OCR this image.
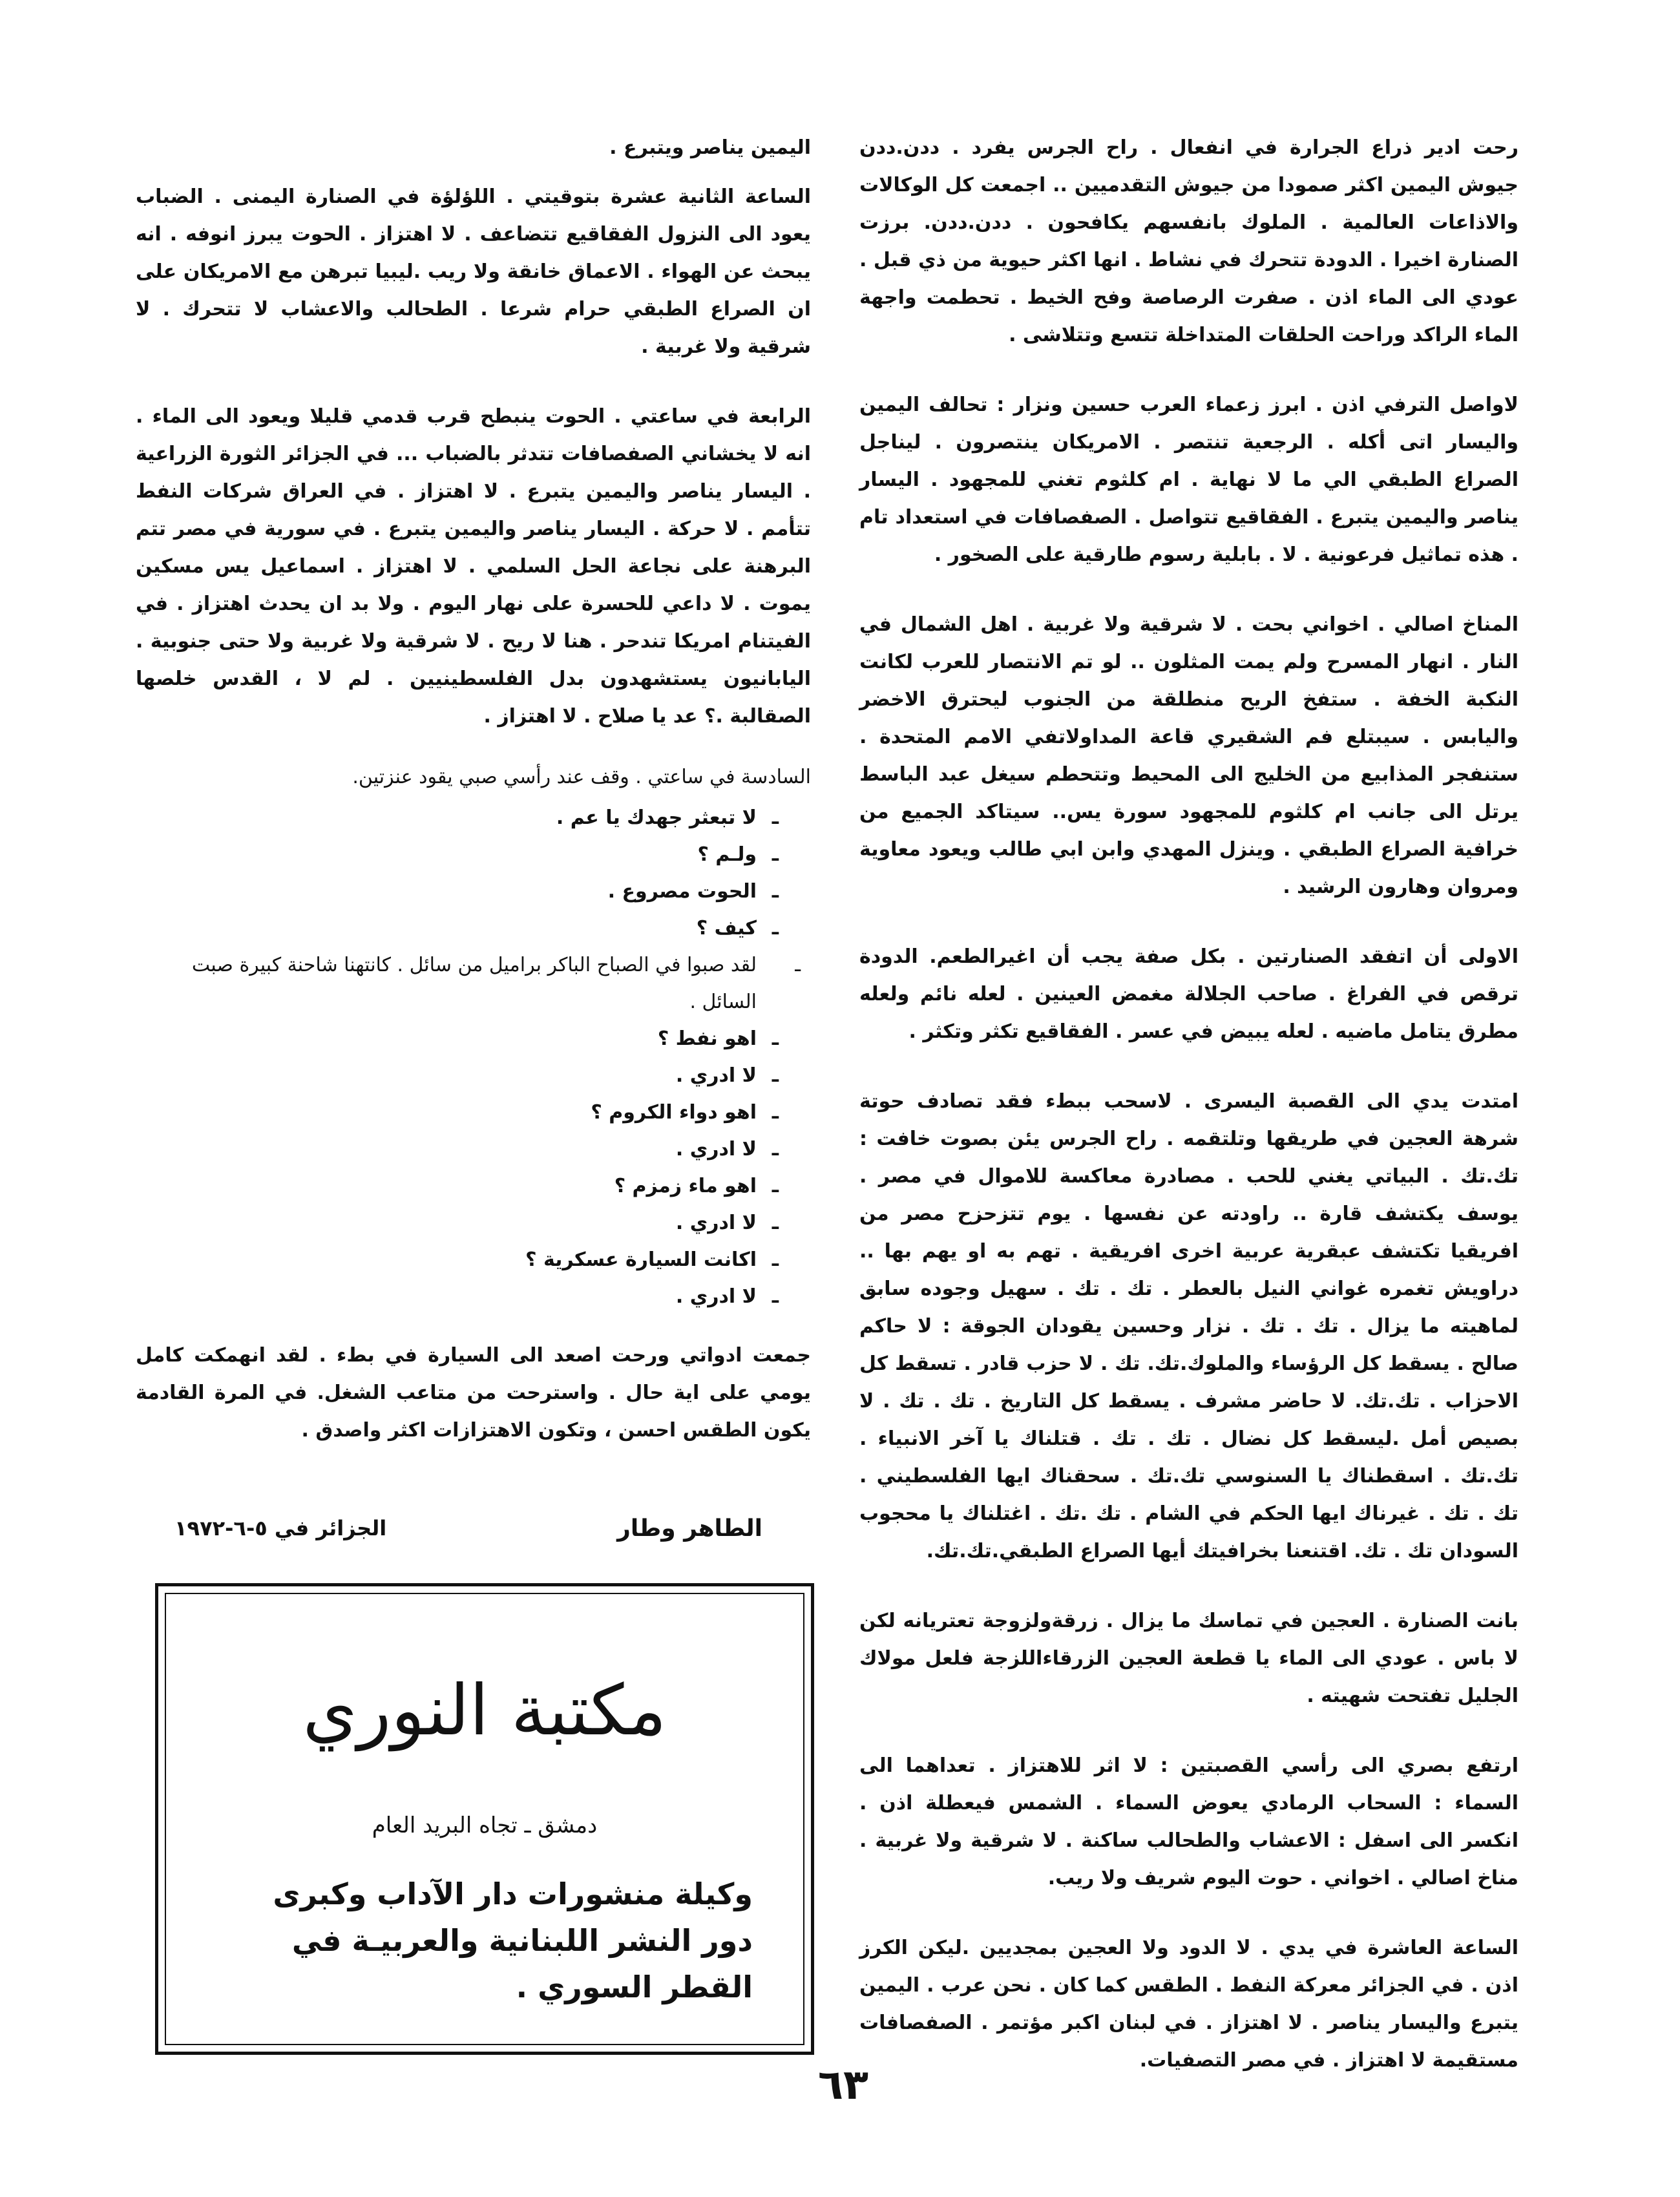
رحت ادير ذراع الجرارة في انفعال . راح الجرس يفرد . ددن.ددن جيوش اليمين اكثر صمودا من جيوش التقدميين .. اجمعت كل الوكالات والاذاعات العالمية . الملوك بانفسهم يكافحون . ددن.ددن. برزت الصنارة اخيرا . الدودة تتحرك في نشاط . انها اكثر حيوية من ذي قبل . عودي الى الماء اذن . صفرت الرصاصة وفح الخيط . تحطمت واجهة الماء الراكد وراحت الحلقات المتداخلة تتسع وتتلاشى .

لاواصل الترفي اذن . ابرز زعماء العرب حسين ونزار : تحالف اليمين واليسار اتى أكله . الرجعية تنتصر . الامريكان ينتصرون . ليناجل الصراع الطبقي الي ما لا نهاية . ام كلثوم تغني للمجهود . اليسار يناصر واليمين يتبرع . الفقاقيع تتواصل . الصفصافات في استعداد تام . هذه تماثيل فرعونية . لا . بابلية رسوم طارقية على الصخور .

المناخ اصالي . اخواني بحت . لا شرقية ولا غربية . اهل الشمال في النار . انهار المسرح ولم يمت المثلون .. لو تم الانتصار للعرب لكانت النكبة الخفة . ستفخ الريح منطلقة من الجنوب ليحترق الاخضر واليابس . سيبتلع فم الشقيري قاعة المداولاتفي الامم المتحدة . ستنفجر المذابيع من الخليج الى المحيط وتتحطم سيغل عبد الباسط يرتل الى جانب ام كلثوم للمجهود سورة يس.. سيتاكد الجميع من خرافية الصراع الطبقي . وينزل المهدي وابن ابي طالب ويعود معاوية ومروان وهارون الرشيد .

الاولى أن اتفقد الصنارتين . بكل صفة يجب أن اغيرالطعم. الدودة ترقص في الفراغ . صاحب الجلالة مغمض العينين . لعله نائم ولعله مطرق يتامل ماضيه . لعله يبيض في عسر . الفقاقيع تكثر وتكثر .

امتدت يدي الى القصبة اليسرى . لاسحب ببطء فقد تصادف حوتة شرهة العجين في طريقها وتلتقمه . راح الجرس يئن بصوت خافت : تك.تك . البياتي يغني للحب . مصادرة معاكسة للاموال في مصر . يوسف يكتشف قارة .. راودته عن نفسها . يوم تتزحزح مصر من افريقيا تكتشف عبقرية عربية اخرى افريقية . تهم به او يهم بها .. دراويش تغمره غواني النيل بالعطر . تك . تك . سهيل وجوده سابق لماهيته ما يزال . تك . تك . نزار وحسين يقودان الجوقة : لا حاكم صالح . يسقط كل الرؤساء والملوك.تك. تك . لا حزب قادر . تسقط كل الاحزاب . تك.تك. لا حاضر مشرف . يسقط كل التاريخ . تك . تك . لا بصيص أمل .ليسقط كل نضال . تك . تك . قتلناك يا آخر الانبياء . تك.تك . اسقطناك يا السنوسي تك.تك . سحقناك ايها الفلسطيني . تك . تك . غيرناك ايها الحكم في الشام . تك .تك . اغتلناك يا محجوب السودان تك . تك. اقتنعنا بخرافيتك أيها الصراع الطبقي.تك.تك.

بانت الصنارة . العجين في تماسك ما يزال . زرقةولزوجة تعتريانه لكن لا باس . عودي الى الماء يا قطعة العجين الزرقاءاللزجة فلعل مولاك الجليل تفتحت شهيته .

ارتفع بصري الى رأسي القصبتين : لا اثر للاهتزاز . تعداهما الى السماء : السحاب الرمادي يعوض السماء . الشمس فيعطلة اذن . انكسر الى اسفل : الاعشاب والطحالب ساكنة . لا شرقية ولا غربية . مناخ اصالي . اخواني . حوت اليوم شريف ولا ريب.

الساعة العاشرة في يدي . لا الدود ولا العجين بمجديين .ليكن الكرز اذن . في الجزائر معركة النفط . الطقس كما كان . نحن عرب . اليمين يتبرع واليسار يناصر . لا اهتزاز . في لبنان اكبر مؤتمر . الصفصافات مستقيمة لا اهتزاز . في مصر التصفيات.

اليمين يناصر ويتبرع .

الساعة الثانية عشرة بتوقيتي . اللؤلؤة في الصنارة اليمنى . الضباب يعود الى النزول الفقاقيع تتضاعف . لا اهتزاز . الحوت يبرز انوفه . انه يبحث عن الهواء . الاعماق خانقة ولا ريب .ليبيا تبرهن مع الامريكان على ان الصراع الطبقي حرام شرعا . الطحالب والاعشاب لا تتحرك . لا شرقية ولا غربية .

الرابعة في ساعتي . الحوت ينبطح قرب قدمي قليلا ويعود الى الماء . انه لا يخشاني الصفصافات تتدثر بالضباب ... في الجزائر الثورة الزراعية . اليسار يناصر واليمين يتبرع . لا اهتزاز . في العراق شركات النفط تتأمم . لا حركة . اليسار يناصر واليمين يتبرع . في سورية في مصر تتم البرهنة على نجاعة الحل السلمي . لا اهتزاز . اسماعيل يس مسكين يموت . لا داعي للحسرة على نهار اليوم . ولا بد ان يحدث اهتزاز . في الفيتنام امريكا تندحر . هنا لا ريح . لا شرقية ولا غربية ولا حتى جنوبية . اليابانيون يستشهدون بدل الفلسطينيين . لم لا ، القدس خلصها الصقالبة .؟ عد يا صلاح . لا اهتزاز .

السادسة في ساعتي . وقف عند رأسي صبي يقود عنزتين.
ـلا تبعثر جهدك يا عم .
ـولـم ؟
ـالحوت مصروع .
ـكيف ؟
ـلقد صبوا في الصباح الباكر براميل من سائل . كانتهنا شاحنة كبيرة صبت السائل .
ـاهو نفط ؟
ـلا ادري .
ـاهو دواء الكروم ؟
ـلا ادري .
ـاهو ماء زمزم ؟
ـلا ادري .
ـاكانت السيارة عسكرية ؟
ـلا ادري .

جمعت ادواتي ورحت اصعد الى السيارة في بطء . لقد انهمكت كامل يومي على اية حال . واسترحت من متاعب الشغل. في المرة القادمة يكون الطقس احسن ، وتكون الاهتزازات اكثر واصدق .

الطاهر وطار
الجزائر في ٥-٦-١٩٧٢
مكتبة النوري
دمشق ـ تجاه البريد العام
وكيلة منشورات دار الآداب وكبرى
دور النشر اللبنانية والعربيـة في
القطر السوري .
٦٣
